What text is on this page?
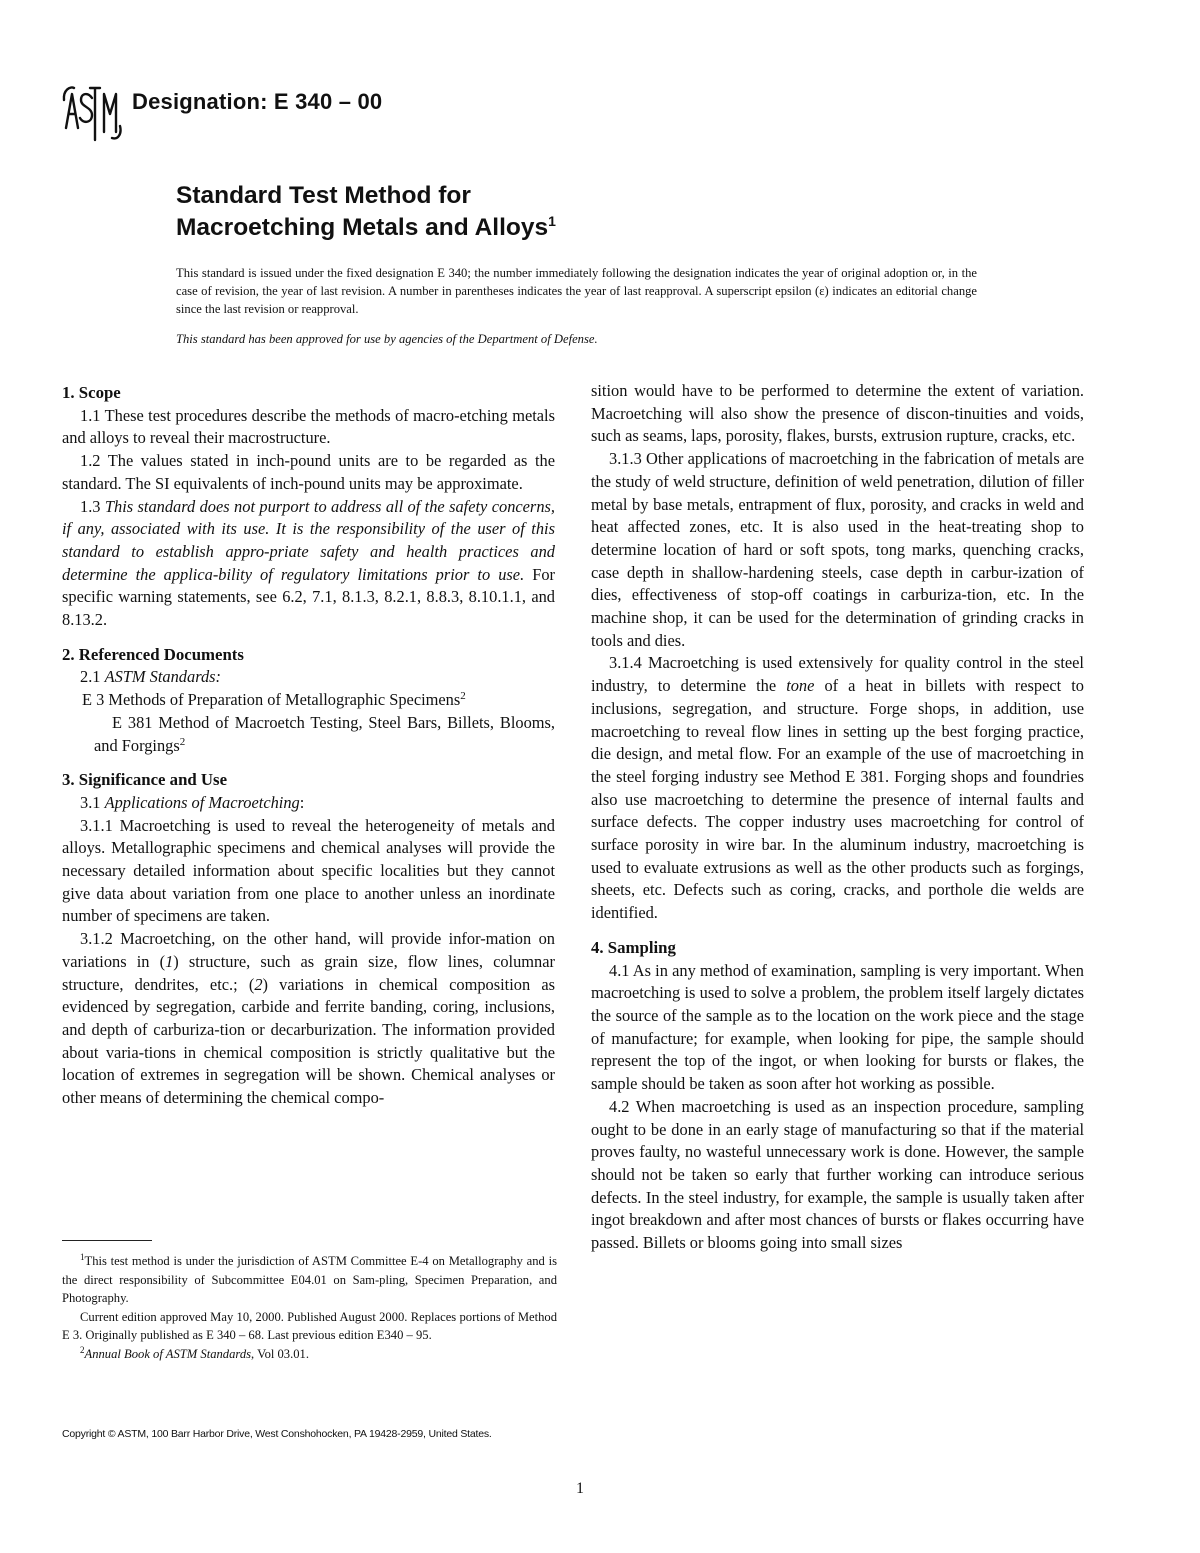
Designation: E 340 – 00
Standard Test Method for
Macroetching Metals and Alloys$^1$
This standard is issued under the fixed designation E 340; the number immediately following the designation indicates the year of original adoption or, in the case of revision, the year of last revision. A number in parentheses indicates the year of last reapproval. A superscript epsilon (ε) indicates an editorial change since the last revision or reapproval.
This standard has been approved for use by agencies of the Department of Defense.
1. Scope

1.1 These test procedures describe the methods of macro-etching metals and alloys to reveal their macrostructure.

1.2 The values stated in inch-pound units are to be regarded as the standard. The SI equivalents of inch-pound units may be approximate.

1.3 This standard does not purport to address all of the safety concerns, if any, associated with its use. It is the responsibility of the user of this standard to establish appro-priate safety and health practices and determine the applica-bility of regulatory limitations prior to use. For specific warning statements, see 6.2, 7.1, 8.1.3, 8.2.1, 8.8.3, 8.10.1.1, and 8.13.2.

2. Referenced Documents

2.1 ASTM Standards:

E 3 Methods of Preparation of Metallographic Specimens$^2$

E 381 Method of Macroetch Testing, Steel Bars, Billets, Blooms, and Forgings$^2$

3. Significance and Use

3.1 Applications of Macroetching:

3.1.1 Macroetching is used to reveal the heterogeneity of metals and alloys. Metallographic specimens and chemical analyses will provide the necessary detailed information about specific localities but they cannot give data about variation from one place to another unless an inordinate number of specimens are taken.

3.1.2 Macroetching, on the other hand, will provide infor-mation on variations in (1) structure, such as grain size, flow lines, columnar structure, dendrites, etc.; (2) variations in chemical composition as evidenced by segregation, carbide and ferrite banding, coring, inclusions, and depth of carburiza-tion or decarburization. The information provided about varia-tions in chemical composition is strictly qualitative but the location of extremes in segregation will be shown. Chemical analyses or other means of determining the chemical compo-

sition would have to be performed to determine the extent of variation. Macroetching will also show the presence of discon-tinuities and voids, such as seams, laps, porosity, flakes, bursts, extrusion rupture, cracks, etc.

3.1.3 Other applications of macroetching in the fabrication of metals are the study of weld structure, definition of weld penetration, dilution of filler metal by base metals, entrapment of flux, porosity, and cracks in weld and heat affected zones, etc. It is also used in the heat-treating shop to determine location of hard or soft spots, tong marks, quenching cracks, case depth in shallow-hardening steels, case depth in carbur-ization of dies, effectiveness of stop-off coatings in carburiza-tion, etc. In the machine shop, it can be used for the determination of grinding cracks in tools and dies.

3.1.4 Macroetching is used extensively for quality control in the steel industry, to determine the tone of a heat in billets with respect to inclusions, segregation, and structure. Forge shops, in addition, use macroetching to reveal flow lines in setting up the best forging practice, die design, and metal flow. For an example of the use of macroetching in the steel forging industry see Method E 381. Forging shops and foundries also use macroetching to determine the presence of internal faults and surface defects. The copper industry uses macroetching for control of surface porosity in wire bar. In the aluminum industry, macroetching is used to evaluate extrusions as well as the other products such as forgings, sheets, etc. Defects such as coring, cracks, and porthole die welds are identified.

4. Sampling

4.1 As in any method of examination, sampling is very important. When macroetching is used to solve a problem, the problem itself largely dictates the source of the sample as to the location on the work piece and the stage of manufacture; for example, when looking for pipe, the sample should represent the top of the ingot, or when looking for bursts or flakes, the sample should be taken as soon after hot working as possible.

4.2 When macroetching is used as an inspection procedure, sampling ought to be done in an early stage of manufacturing so that if the material proves faulty, no wasteful unnecessary work is done. However, the sample should not be taken so early that further working can introduce serious defects. In the steel industry, for example, the sample is usually taken after ingot breakdown and after most chances of bursts or flakes occurring have passed. Billets or blooms going into small sizes

$^1$This test method is under the jurisdiction of ASTM Committee E-4 on Metallography and is the direct responsibility of Subcommittee E04.01 on Sam-pling, Specimen Preparation, and Photography.

Current edition approved May 10, 2000. Published August 2000. Replaces portions of Method E 3. Originally published as E 340 – 68. Last previous edition E340 – 95.

$^2$Annual Book of ASTM Standards, Vol 03.01.

Copyright © ASTM, 100 Barr Harbor Drive, West Conshohocken, PA 19428-2959, United States.
1
